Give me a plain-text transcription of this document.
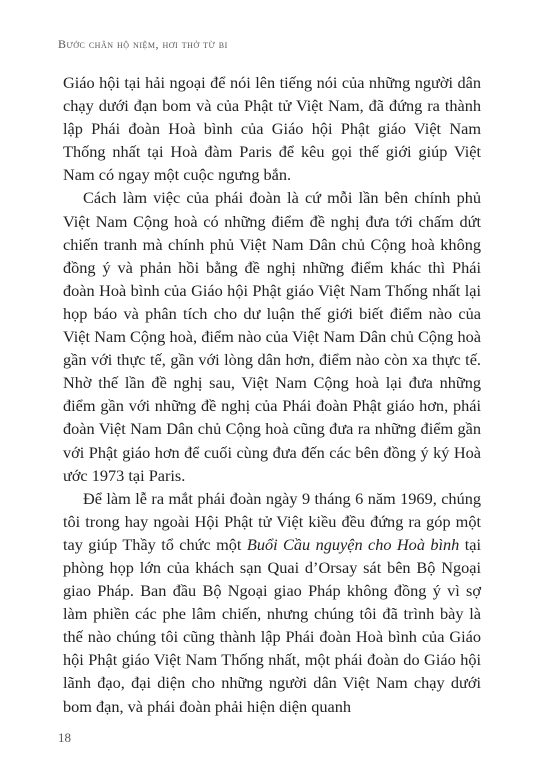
Bước chân hộ niệm, hơi thở từ bi

Giáo hội tại hải ngoại để nói lên tiếng nói của những người dân chạy dưới đạn bom và của Phật tử Việt Nam, đã đứng ra thành lập Phái đoàn Hoà bình của Giáo hội Phật giáo Việt Nam Thống nhất tại Hoà đàm Paris để kêu gọi thế giới giúp Việt Nam có ngay một cuộc ngưng bắn.

Cách làm việc của phái đoàn là cứ mỗi lần bên chính phủ Việt Nam Cộng hoà có những điểm đề nghị đưa tới chấm dứt chiến tranh mà chính phủ Việt Nam Dân chủ Cộng hoà không đồng ý và phản hồi bằng đề nghị những điểm khác thì Phái đoàn Hoà bình của Giáo hội Phật giáo Việt Nam Thống nhất lại họp báo và phân tích cho dư luận thế giới biết điểm nào của Việt Nam Cộng hoà, điểm nào của Việt Nam Dân chủ Cộng hoà gần với thực tế, gần với lòng dân hơn, điểm nào còn xa thực tế. Nhờ thế lần đề nghị sau, Việt Nam Cộng hoà lại đưa những điểm gần với những đề nghị của Phái đoàn Phật giáo hơn, phái đoàn Việt Nam Dân chủ Cộng hoà cũng đưa ra những điểm gần với Phật giáo hơn để cuối cùng đưa đến các bên đồng ý ký Hoà ước 1973 tại Paris.

Để làm lễ ra mắt phái đoàn ngày 9 tháng 6 năm 1969, chúng tôi trong hay ngoài Hội Phật tử Việt kiều đều đứng ra góp một tay giúp Thầy tổ chức một Buổi Cầu nguyện cho Hoà bình tại phòng họp lớn của khách sạn Quai d’Orsay sát bên Bộ Ngoại giao Pháp. Ban đầu Bộ Ngoại giao Pháp không đồng ý vì sợ làm phiền các phe lâm chiến, nhưng chúng tôi đã trình bày là thế nào chúng tôi cũng thành lập Phái đoàn Hoà bình của Giáo hội Phật giáo Việt Nam Thống nhất, một phái đoàn do Giáo hội lãnh đạo, đại diện cho những người dân Việt Nam chạy dưới bom đạn, và phái đoàn phải hiện diện quanh

18
